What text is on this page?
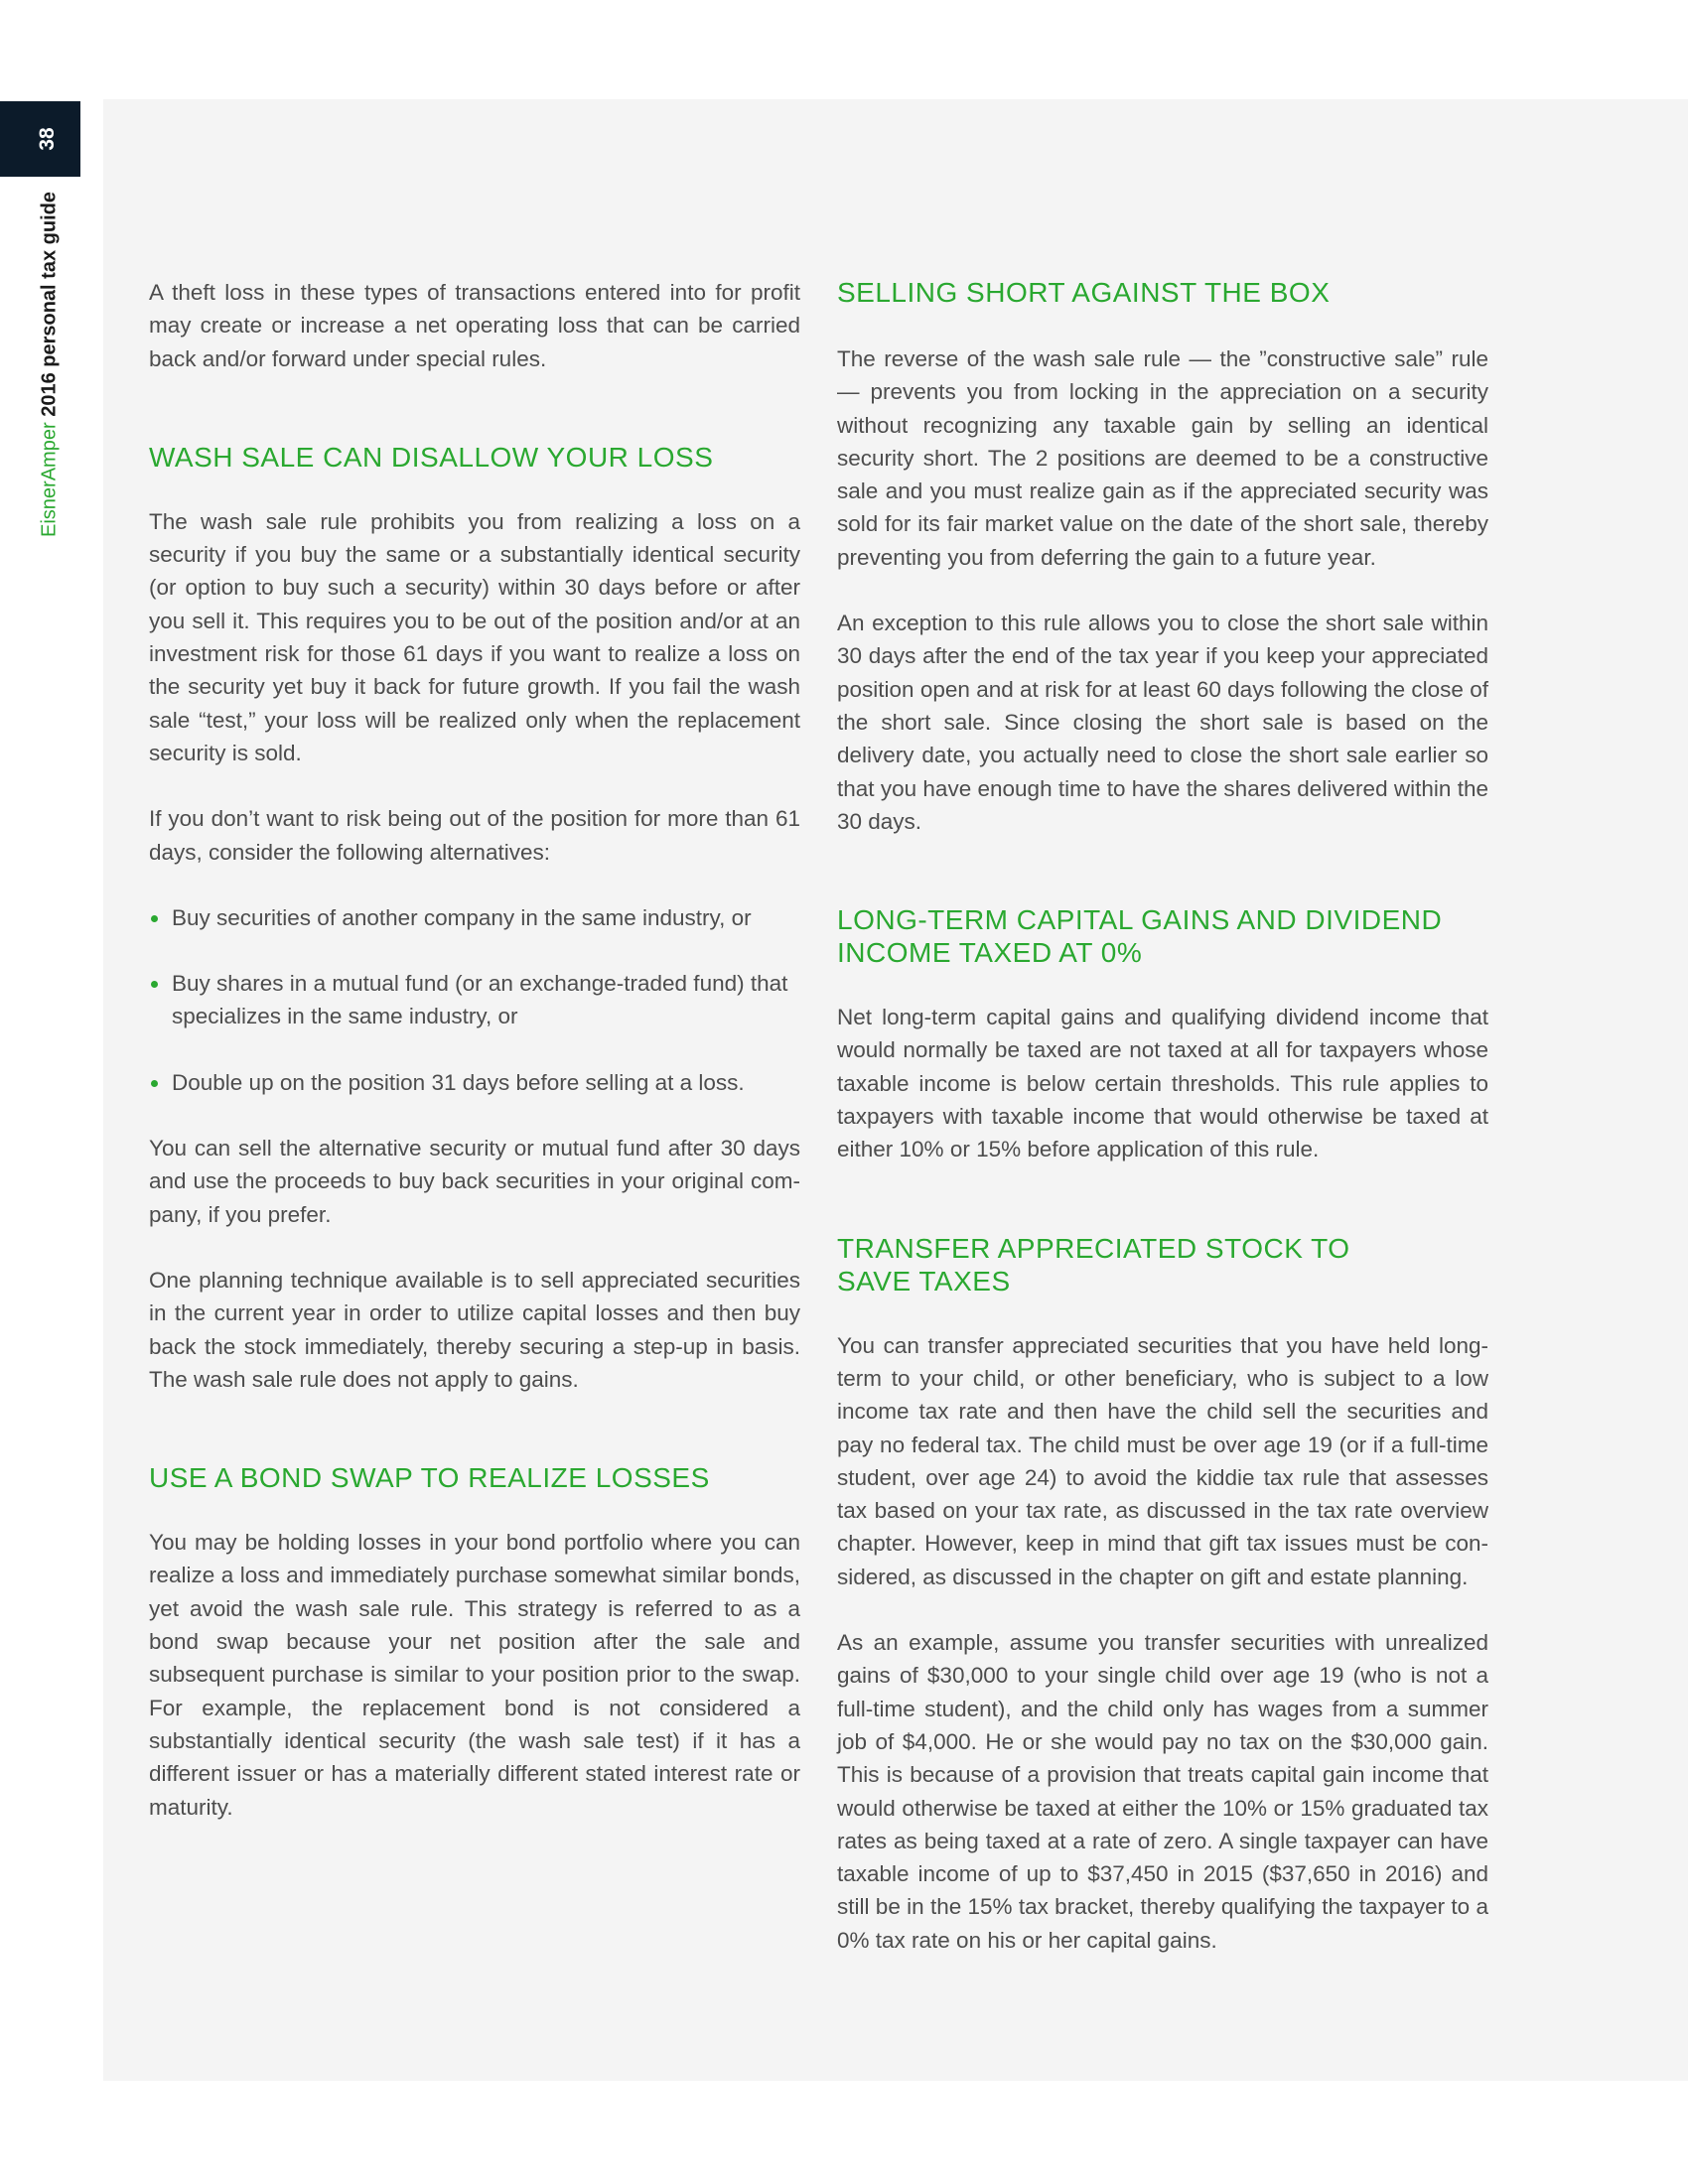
38
EisnerAmper 2016 personal tax guide	A theft loss in these types of transactions entered into for profit may create or increase a net operating loss that can be carried back and/or forward under special rules.

WASH SALE CAN DISALLOW YOUR LOSS

The wash sale rule prohibits you from realizing a loss on a security if you buy the same or a substantially identical security (or option to buy such a security) within 30 days before or after you sell it. This requires you to be out of the position and/or at an investment risk for those 61 days if you want to realize a loss on the security yet buy it back for future growth. If you fail the wash sale “test,” your loss will be realized only when the replacement security is sold.

If you don’t want to risk being out of the position for more than 61 days, consider the following alternatives:

Buy securities of another company in the same industry, or
Buy shares in a mutual fund (or an exchange-traded fund) that specializes in the same industry, or
Double up on the position 31 days before selling at a loss.

You can sell the alternative security or mutual fund after 30 days and use the proceeds to buy back securities in your original company, if you prefer.

One planning technique available is to sell appreciated securities in the current year in order to utilize capital losses and then buy back the stock immediately, thereby securing a step-up in basis. The wash sale rule does not apply to gains.

USE A BOND SWAP TO REALIZE LOSSES

You may be holding losses in your bond portfolio where you can realize a loss and immediately purchase somewhat similar bonds, yet avoid the wash sale rule. This strategy is referred to as a bond swap because your net position after the sale and subsequent purchase is similar to your position prior to the swap. For example, the replacement bond is not considered a substantially identical security (the wash sale test) if it has a different issuer or has a materially different stated interest rate or maturity.

SELLING SHORT AGAINST THE BOX

The reverse of the wash sale rule — the ”constructive sale” rule — prevents you from locking in the appreciation on a security without recognizing any taxable gain by selling an identical security short. The 2 positions are deemed to be a constructive sale and you must realize gain as if the appreciated security was sold for its fair market value on the date of the short sale, thereby preventing you from deferring the gain to a future year.

An exception to this rule allows you to close the short sale within 30 days after the end of the tax year if you keep your appreciated position open and at risk for at least 60 days following the close of the short sale. Since closing the short sale is based on the delivery date, you actually need to close the short sale earlier so that you have enough time to have the shares delivered within the 30 days.

LONG-TERM CAPITAL GAINS AND DIVIDEND
INCOME TAXED AT 0%

Net long-term capital gains and qualifying dividend income that would normally be taxed are not taxed at all for taxpayers whose taxable income is below certain thresholds. This rule applies to taxpayers with taxable income that would otherwise be taxed at either 10% or 15% before application of this rule.

TRANSFER APPRECIATED STOCK TO
SAVE TAXES

You can transfer appreciated securities that you have held long-term to your child, or other beneficiary, who is subject to a low income tax rate and then have the child sell the securities and pay no federal tax. The child must be over age 19 (or if a full-time student, over age 24) to avoid the kiddie tax rule that assesses tax based on your tax rate, as discussed in the tax rate overview chapter. However, keep in mind that gift tax issues must be considered, as discussed in the chapter on gift and estate planning.

As an example, assume you transfer securities with unrealized gains of $30,000 to your single child over age 19 (who is not a full-time student), and the child only has wages from a summer job of $4,000. He or she would pay no tax on the $30,000 gain. This is because of a provision that treats capital gain income that would otherwise be taxed at either the 10% or 15% graduated tax rates as being taxed at a rate of zero. A single taxpayer can have taxable income of up to $37,450 in 2015 ($37,650 in 2016) and still be in the 15% tax bracket, thereby qualifying the taxpayer to a 0% tax rate on his or her capital gains.
